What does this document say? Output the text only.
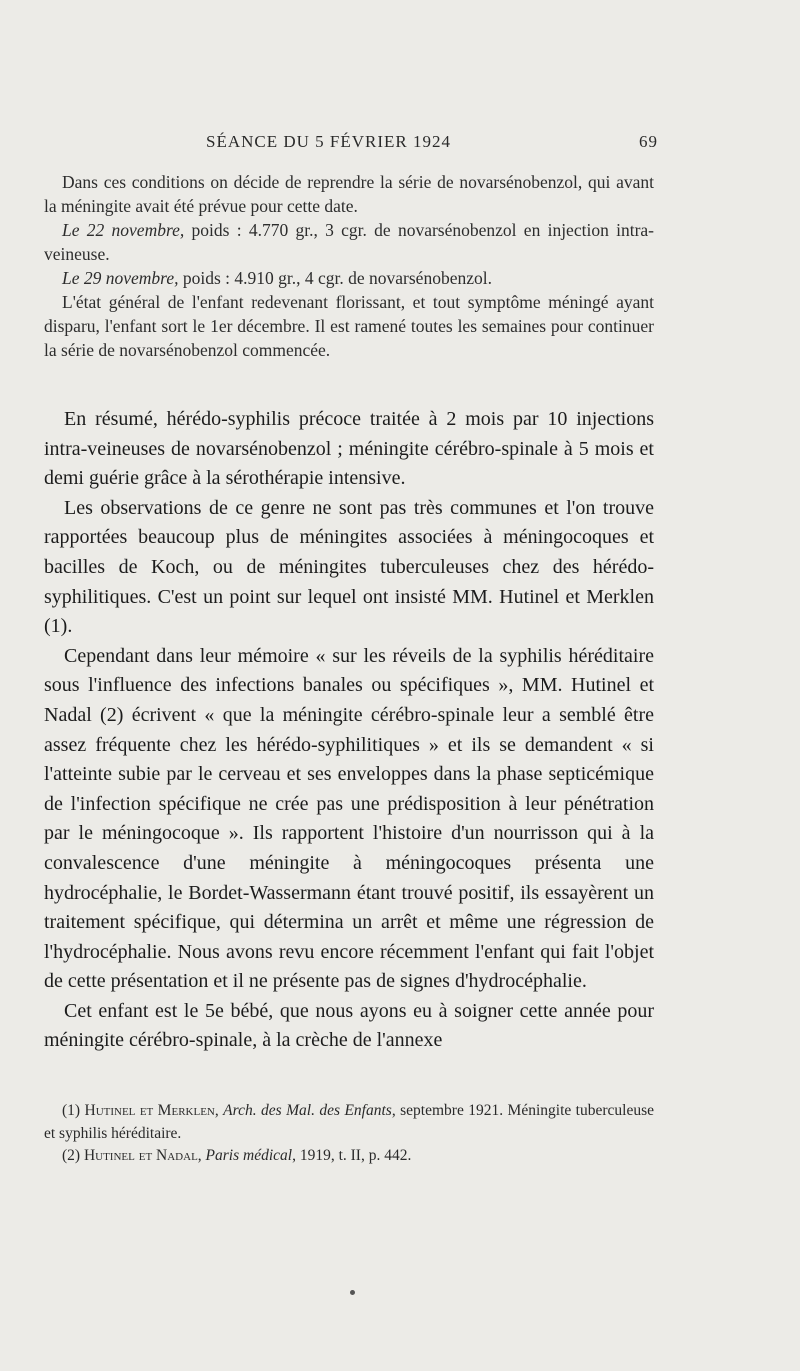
SÉANCE DU 5 FÉVRIER 1924	69

Dans ces conditions on décide de reprendre la série de novarsénobenzol, qui avant la méningite avait été prévue pour cette date.

Le 22 novembre, poids : 4.770 gr., 3 cgr. de novarsénobenzol en injection intra-veineuse.

Le 29 novembre, poids : 4.910 gr., 4 cgr. de novarsénobenzol.

L'état général de l'enfant redevenant florissant, et tout symptôme méningé ayant disparu, l'enfant sort le 1er décembre. Il est ramené toutes les semaines pour continuer la série de novarsénobenzol commencée.

En résumé, hérédo-syphilis précoce traitée à 2 mois par 10 injections intra-veineuses de novarsénobenzol ; méningite cérébro-spinale à 5 mois et demi guérie grâce à la sérothérapie intensive.

Les observations de ce genre ne sont pas très communes et l'on trouve rapportées beaucoup plus de méningites associées à méningocoques et bacilles de Koch, ou de méningites tuberculeuses chez des hérédo-syphilitiques. C'est un point sur lequel ont insisté MM. Hutinel et Merklen (1).

Cependant dans leur mémoire « sur les réveils de la syphilis héréditaire sous l'influence des infections banales ou spécifiques », MM. Hutinel et Nadal (2) écrivent « que la méningite cérébro-spinale leur a semblé être assez fréquente chez les hérédo-syphilitiques » et ils se demandent « si l'atteinte subie par le cerveau et ses enveloppes dans la phase septicémique de l'infection spécifique ne crée pas une prédisposition à leur pénétration par le méningocoque ». Ils rapportent l'histoire d'un nourrisson qui à la convalescence d'une méningite à méningocoques présenta une hydrocéphalie, le Bordet-Wassermann étant trouvé positif, ils essayèrent un traitement spécifique, qui détermina un arrêt et même une régression de l'hydrocéphalie. Nous avons revu encore récemment l'enfant qui fait l'objet de cette présentation et il ne présente pas de signes d'hydrocéphalie.

Cet enfant est le 5e bébé, que nous ayons eu à soigner cette année pour méningite cérébro-spinale, à la crèche de l'annexe

(1) Hutinel et Merklen, Arch. des Mal. des Enfants, septembre 1921. Méningite tuberculeuse et syphilis héréditaire.

(2) Hutinel et Nadal, Paris médical, 1919, t. II, p. 442.
